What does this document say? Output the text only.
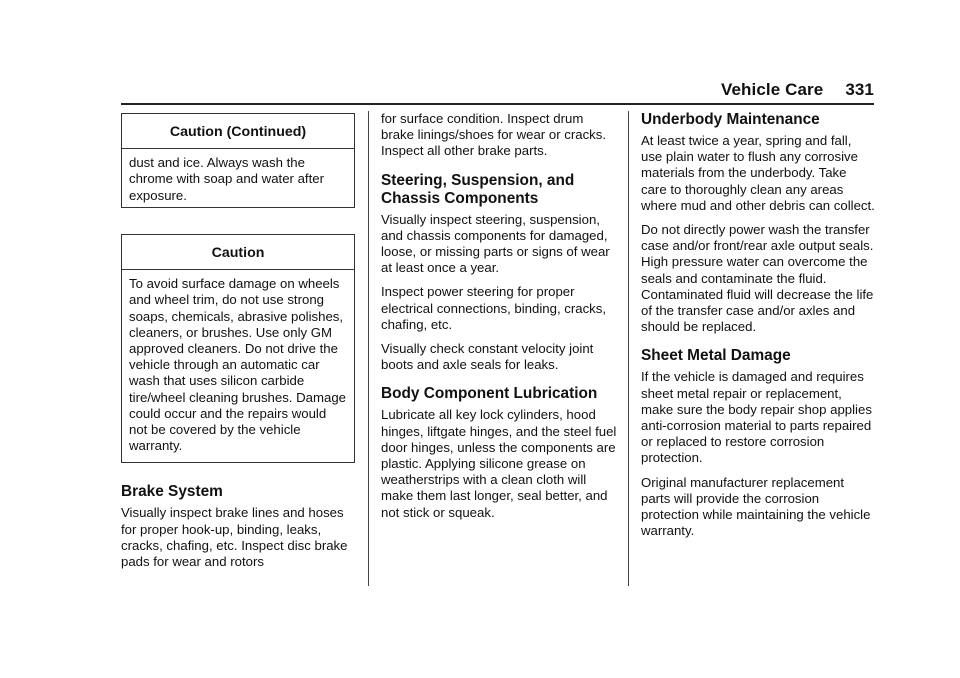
Vehicle Care 331
Caution (Continued)
dust and ice. Always wash the chrome with soap and water after exposure.
Caution
To avoid surface damage on wheels and wheel trim, do not use strong soaps, chemicals, abrasive polishes, cleaners, or brushes. Use only GM approved cleaners. Do not drive the vehicle through an automatic car wash that uses silicon carbide tire/wheel cleaning brushes. Damage could occur and the repairs would not be covered by the vehicle warranty.
Brake System

Visually inspect brake lines and hoses for proper hook-up, binding, leaks, cracks, chafing, etc. Inspect disc brake pads for wear and rotors

for surface condition. Inspect drum brake linings/shoes for wear or cracks. Inspect all other brake parts.

Steering, Suspension, and Chassis Components

Visually inspect steering, suspension, and chassis components for damaged, loose, or missing parts or signs of wear at least once a year.

Inspect power steering for proper electrical connections, binding, cracks, chafing, etc.

Visually check constant velocity joint boots and axle seals for leaks.

Body Component Lubrication

Lubricate all key lock cylinders, hood hinges, liftgate hinges, and the steel fuel door hinges, unless the components are plastic. Applying silicone grease on weatherstrips with a clean cloth will make them last longer, seal better, and not stick or squeak.

Underbody Maintenance

At least twice a year, spring and fall, use plain water to flush any corrosive materials from the underbody. Take care to thoroughly clean any areas where mud and other debris can collect.

Do not directly power wash the transfer case and/or front/rear axle output seals. High pressure water can overcome the seals and contaminate the fluid. Contaminated fluid will decrease the life of the transfer case and/or axles and should be replaced.

Sheet Metal Damage

If the vehicle is damaged and requires sheet metal repair or replacement, make sure the body repair shop applies anti-corrosion material to parts repaired or replaced to restore corrosion protection.

Original manufacturer replacement parts will provide the corrosion protection while maintaining the vehicle warranty.
